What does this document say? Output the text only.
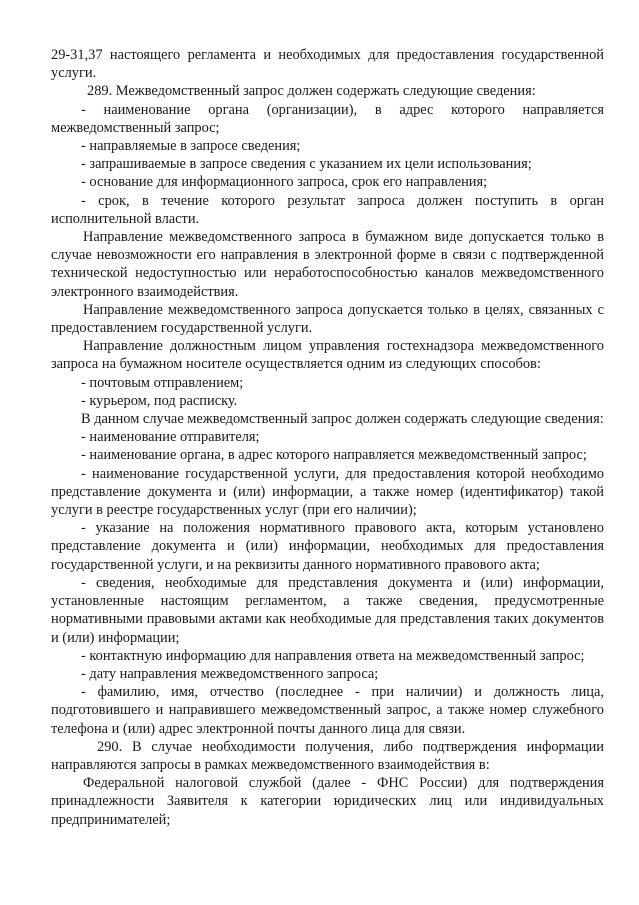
29-31,37 настоящего регламента и необходимых для предоставления государственной услуги.

289. Межведомственный запрос должен содержать следующие сведения:

- наименование органа (организации), в адрес которого направляется межведомственный запрос;

- направляемые в запросе сведения;

- запрашиваемые в запросе сведения с указанием их цели использования;

- основание для информационного запроса, срок его направления;

- срок, в течение которого результат запроса должен поступить в орган исполнительной власти.

Направление межведомственного запроса в бумажном виде допускается только в случае невозможности его направления в электронной форме в связи с подтвержденной технической недоступностью или неработоспособностью каналов межведомственного электронного взаимодействия.

Направление межведомственного запроса допускается только в целях, связанных с предоставлением государственной услуги.

Направление должностным лицом управления гостехнадзора межведомственного запроса на бумажном носителе осуществляется одним из следующих способов:

- почтовым отправлением;

- курьером, под расписку.

В данном случае межведомственный запрос должен содержать следующие сведения:

- наименование отправителя;

- наименование органа, в адрес которого направляется межведомственный запрос;

- наименование государственной услуги, для предоставления которой необходимо представление документа и (или) информации, а также номер (идентификатор) такой услуги в реестре государственных услуг (при его наличии);

- указание на положения нормативного правового акта, которым установлено представление документа и (или) информации, необходимых для предоставления государственной услуги, и на реквизиты данного нормативного правового акта;

- сведения, необходимые для представления документа и (или) информации, установленные настоящим регламентом, а также сведения, предусмотренные нормативными правовыми актами как необходимые для представления таких документов и (или) информации;

- контактную информацию для направления ответа на межведомственный запрос;

- дату направления межведомственного запроса;

- фамилию, имя, отчество (последнее - при наличии) и должность лица, подготовившего и направившего межведомственный запрос, а также номер служебного телефона и (или) адрес электронной почты данного лица для связи.

290. В случае необходимости получения, либо подтверждения информации направляются запросы в рамках межведомственного взаимодействия в:

Федеральной налоговой службой (далее - ФНС России) для подтверждения принадлежности Заявителя к категории юридических лиц или индивидуальных предпринимателей;
